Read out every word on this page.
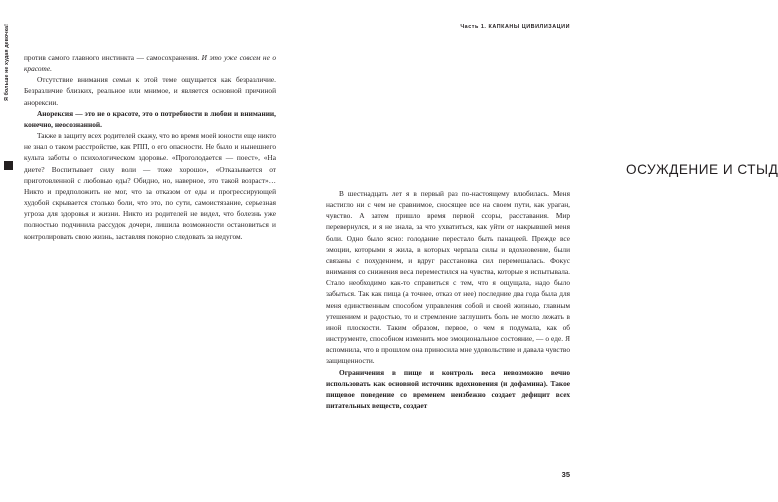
Я больше не худая девочка! против самого главного инстинкта — самосохранения. И это уже совсем не о красоте.

Отсутствие внимания семьи к этой теме ощущается как безразличие. Безразличие близких, реальное или мнимое, и является основной причиной анорексии.

Анорексия — это не о красоте, это о потребности в любви и внимании, конечно, неосознанной.

Также в защиту всех родителей скажу, что во время моей юности еще никто не знал о таком расстройстве, как РПП, о его опасности. Не было и нынешнего культа заботы о психологическом здоровье. «Проголодается — поест», «На диете? Воспитывает силу воли — тоже хорошо», «Отказывается от приготовленной с любовью еды? Обидно, но, наверное, это такой возраст»… Никто и предположить не мог, что за отказом от еды и прогрессирующей худобой скрывается столько боли, что это, по сути, самоистязание, серьезная угроза для здоровья и жизни. Никто из родителей не видел, что болезнь уже полностью подчинила рассудок дочери, лишила возможности остановиться и контролировать свою жизнь, заставляя покорно следовать за недугом.

Часть 1. КАПКАНЫ ЦИВИЛИЗАЦИИ
ОСУЖДЕНИЕ И СТЫД

В шестнадцать лет я в первый раз по-настоящему влюбилась. Меня настигло ни с чем не сравнимое, сносящее все на своем пути, как ураган, чувство. А затем пришло время первой ссоры, расставания. Мир перевернулся, и я не знала, за что ухватиться, как уйти от накрывшей меня боли. Одно было ясно: голодание перестало быть панацеей. Прежде все эмоции, которыми я жила, в которых черпала силы и вдохновение, были связаны с похудением, и вдруг расстановка сил перемешалась. Фокус внимания со снижения веса переместился на чувства, которые я испытывала. Стало необходимо как-то справиться с тем, что я ощущала, надо было забыться. Так как пища (а точнее, отказ от нее) последние два года была для меня единственным способом управления собой и своей жизнью, главным утешением и радостью, то и стремление заглушить боль не могло лежать в иной плоскости. Таким образом, первое, о чем я подумала, как об инструменте, способном изменить мое эмоциональное состояние, — о еде. Я вспомнила, что в прошлом она приносила мне удовольствие и давала чувство защищенности.

Ограничения в пище и контроль веса невозможно вечно использовать как основной источник вдохновения (и дофамина). Такое пищевое поведение со временем неизбежно создает дефицит всех питательных веществ, создает

35
